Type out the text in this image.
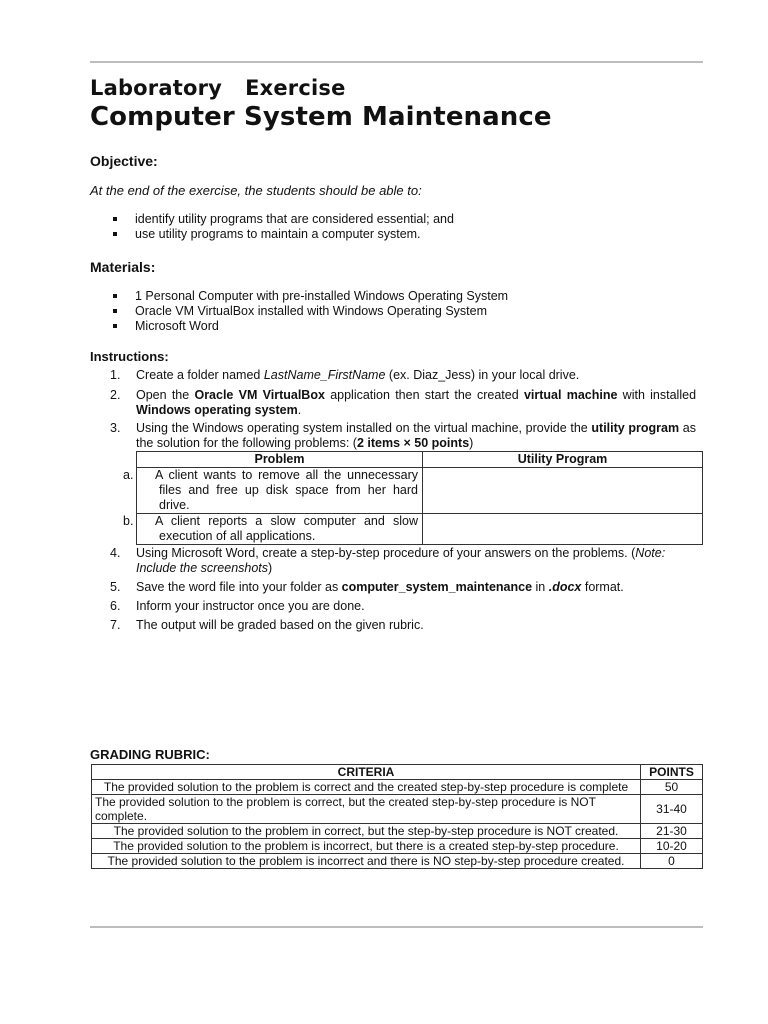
Laboratory  Exercise
Computer System Maintenance
Objective:
At the end of the exercise, the students should be able to:
identify utility programs that are considered essential; and
use utility programs to maintain a computer system.
Materials:
1 Personal Computer with pre-installed Windows Operating System
Oracle VM VirtualBox installed with Windows Operating System
Microsoft Word
Instructions:
1.	Create a folder named LastName_FirstName (ex. Diaz_Jess) in your local drive.
2.	Open the Oracle VM VirtualBox application then start the created virtual machine with installed Windows operating system.
3.	Using the Windows operating system installed on the virtual machine, provide the utility program as the solution for the following problems: (2 items × 50 points)
Problem	Utility Program

a. A client wants to remove all the unnecessary files and free up disk space from her hard drive.	

b. A client reports a slow computer and slow execution of all applications.	

4.	Using Microsoft Word, create a step-by-step procedure of your answers on the problems. (Note: Include the screenshots)
5.	Save the word file into your folder as computer_system_maintenance in .docx format.
6.	Inform your instructor once you are done.
7.	The output will be graded based on the given rubric.
GRADING RUBRIC:
CRITERIA	POINTS
The provided solution to the problem is correct and the created step-by-step procedure is complete	50
The provided solution to the problem is correct, but the created step-by-step procedure is NOT complete.	31-40
The provided solution to the problem in correct, but the step-by-step procedure is NOT created.	21-30
The provided solution to the problem is incorrect, but there is a created step-by-step procedure.	10-20
The provided solution to the problem is incorrect and there is NO step-by-step procedure created.	0
